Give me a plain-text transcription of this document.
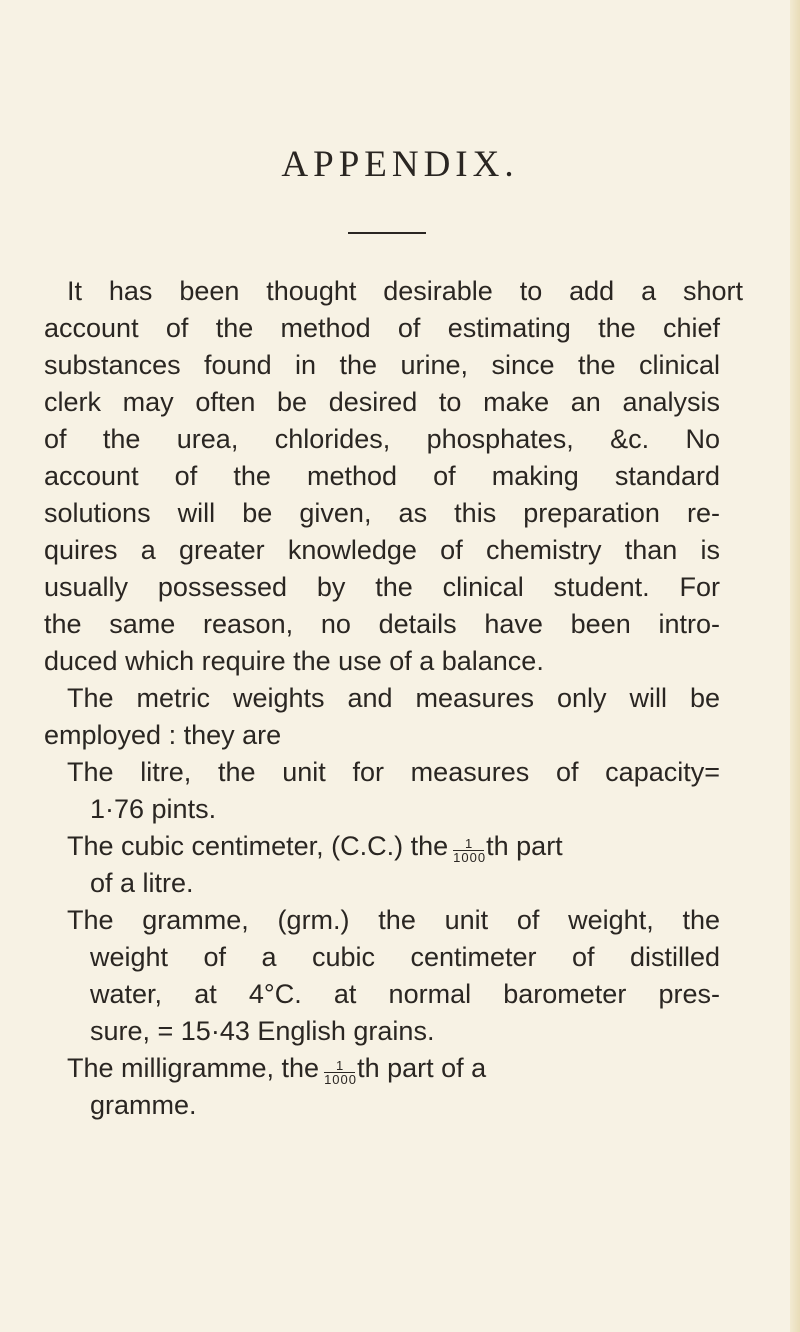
APPENDIX.
It has been thought desirable to add a short
account of the method of estimating the chief
substances found in the urine, since the clinical
clerk may often be desired to make an analysis
of the urea, chlorides, phosphates, &c. No
account of the method of making standard
solutions will be given, as this preparation re-
quires a greater knowledge of chemistry than is
usually possessed by the clinical student. For
the same reason, no details have been intro-
duced which require the use of a balance.
The metric weights and measures only will be
employed : they are
The litre, the unit for measures of capacity=
1·76 pints.
The cubic centimeter, (C.C.) the $\frac{1}{1000}$ th part
of a litre.
The gramme, (grm.) the unit of weight, the
weight of a cubic centimeter of distilled
water, at 4°C. at normal barometer pres-
sure, = 15·43 English grains.
The milligramme, the $\frac{1}{1000}$ th part of a
gramme.
